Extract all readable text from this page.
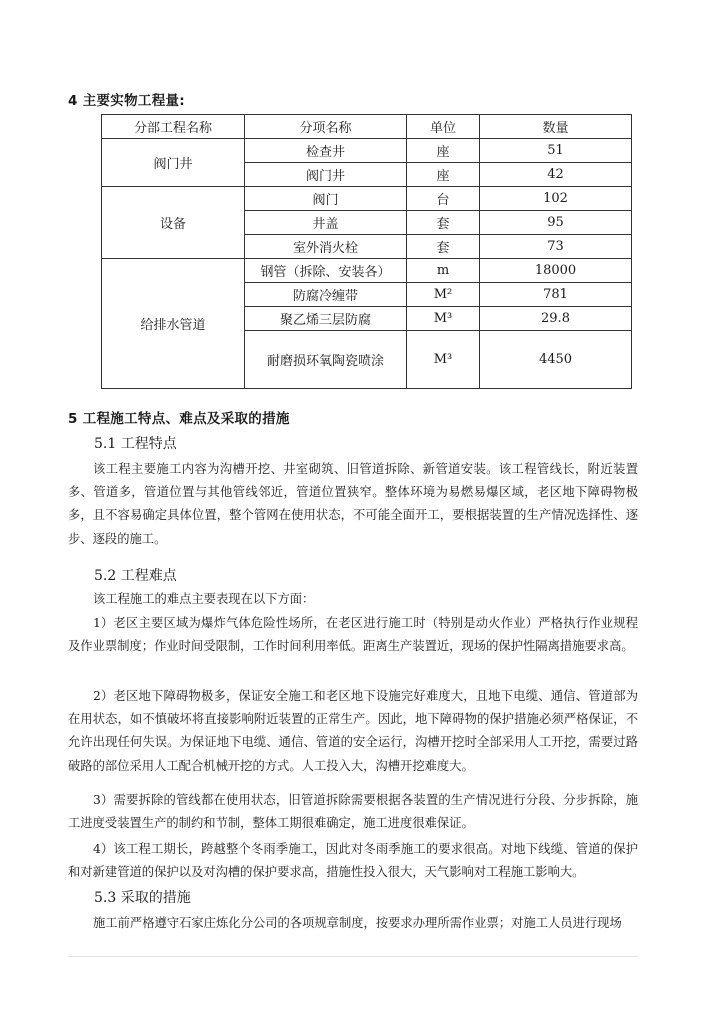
4 主要实物工程量:
分部工程名称	分项名称	单位	数量
阀门井	检查井	座	51
	阀门井	座	42
设备	阀门	台	102
	井盖	套	95
	室外消火栓	套	73
给排水管道	钢管（拆除、安装各）	m	18000
	防腐冷缠带	M²	781
	聚乙烯三层防腐	M³	29.8
	耐磨损环氧陶瓷喷涂	M³	4450
5 工程施工特点、难点及采取的措施
5.1 工程特点
该工程主要施工内容为沟槽开挖、井室砌筑、旧管道拆除、新管道安装。该工程管线长，附近装置多、管道多，管道位置与其他管线邻近，管道位置狭窄。整体环境为易燃易爆区域，老区地下障碍物极多，且不容易确定具体位置，整个管网在使用状态，不可能全面开工，要根据装置的生产情况选择性、逐步、逐段的施工。
5.2 工程难点
该工程施工的难点主要表现在以下方面：
1）老区主要区域为爆炸气体危险性场所，在老区进行施工时（特别是动火作业）严格执行作业规程及作业票制度；作业时间受限制，工作时间利用率低。距离生产装置近，现场的保护性隔离措施要求高。
2）老区地下障碍物极多，保证安全施工和老区地下设施完好难度大，且地下电缆、通信、管道部为在用状态，如不慎破坏将直接影响附近装置的正常生产。因此，地下障碍物的保护措施必须严格保证，不允许出现任何失误。为保证地下电缆、通信、管道的安全运行，沟槽开挖时全部采用人工开挖，需要过路破路的部位采用人工配合机械开挖的方式。人工投入大，沟槽开挖难度大。
3）需要拆除的管线都在使用状态，旧管道拆除需要根据各装置的生产情况进行分段、分步拆除，施工进度受装置生产的制约和节制，整体工期很难确定，施工进度很难保证。
4）该工程工期长，跨越整个冬雨季施工，因此对冬雨季施工的要求很高。对地下线缆、管道的保护和对新建管道的保护以及对沟槽的保护要求高，措施性投入很大，天气影响对工程施工影响大。
5.3 采取的措施
施工前严格遵守石家庄炼化分公司的各项规章制度，按要求办理所需作业票；对施工人员进行现场
